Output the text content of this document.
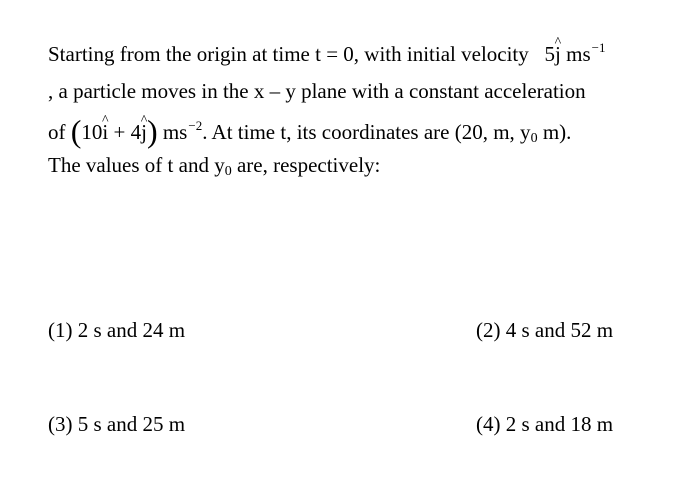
Starting from the origin at time t = 0, with initial velocity 5j ^ $ms^{-1}$
, a particle moves in the x – y plane with a constant acceleration
of (10i ^ + 4j ^) $ms^{-2}$. At time t, its coordinates are (20, m, y0 m).
The values of t and y0 are, respectively:
(1) 2 s and 24 m	(2) 4 s and 52 m
(3) 5 s and 25 m	(4) 2 s and 18 m
